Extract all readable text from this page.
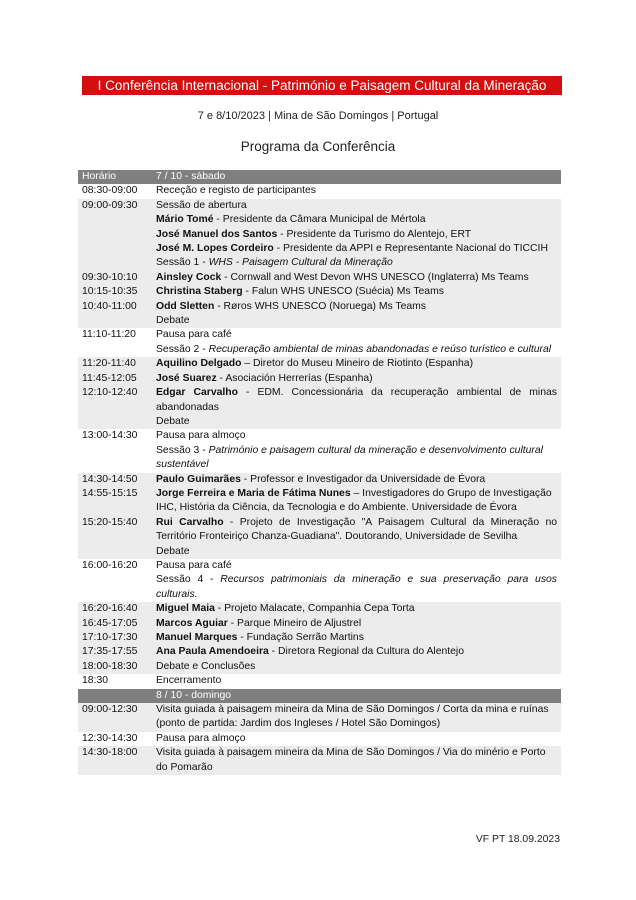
I Conferência Internacional - Património e Paisagem Cultural da Mineração
7 e 8/10/2023 | Mina de São Domingos | Portugal
Programa da Conferência
Horário	7 / 10 - sábado
08:30-09:00	Receção e registo de participantes
09:00-09:30	Sessão de abertura
Mário Tomé - Presidente da Câmara Municipal de Mértola
José Manuel dos Santos - Presidente da Turismo do Alentejo, ERT
José M. Lopes Cordeiro - Presidente da APPI e Representante Nacional do TICCIH
Sessão 1 - WHS - Paisagem Cultural da Mineração
09:30-10:10	Ainsley Cock - Cornwall and West Devon WHS UNESCO (Inglaterra) Ms Teams
10:15-10:35	Christina Staberg - Falun WHS UNESCO (Suécia) Ms Teams
10:40-11:00	Odd Sletten - Røros WHS UNESCO (Noruega) Ms Teams
Debate
11:10-11:20	Pausa para café
Sessão 2 - Recuperação ambiental de minas abandonadas e reúso turístico e cultural
11:20-11:40	Aquilino Delgado – Diretor do Museu Mineiro de Riotinto (Espanha)
11:45-12:05	José Suarez - Asociación Herrerías (Espanha)
12:10-12:40	Edgar Carvalho - EDM. Concessionária da recuperação ambiental de minas abandonadas
Debate
13:00-14:30	Pausa para almoço
Sessão 3 - Património e paisagem cultural da mineração e desenvolvimento cultural sustentável
14:30-14:50	Paulo Guimarães - Professor e Investigador da Universidade de Évora
14:55-15:15	Jorge Ferreira e Maria de Fátima Nunes – Investigadores do Grupo de Investigação IHC, História da Ciência, da Tecnologia e do Ambiente. Universidade de Évora
15:20-15:40	Rui Carvalho - Projeto de Investigação "A Paisagem Cultural da Mineração no Território Fronteiriço Chanza-Guadiana". Doutorando, Universidade de Sevilha
Debate
16:00-16:20	Pausa para café
Sessão 4 - Recursos patrimoniais da mineração e sua preservação para usos culturais.
16:20-16:40	Miguel Maia - Projeto Malacate, Companhia Cepa Torta
16:45-17:05	Marcos Aguiar - Parque Mineiro de Aljustrel
17:10-17:30	Manuel Marques - Fundação Serrão Martins
17:35-17:55	Ana Paula Amendoeira - Diretora Regional da Cultura do Alentejo
18:00-18:30	Debate e Conclusões
18:30	Encerramento
8 / 10 - domingo
09:00-12:30	Visita guiada à paisagem mineira da Mina de São Domingos / Corta da mina e ruínas (ponto de partida: Jardim dos Ingleses / Hotel São Domingos)
12:30-14:30	Pausa para almoço
14:30-18:00	Visita guiada à paisagem mineira da Mina de São Domingos / Via do minério e Porto do Pomarão
VF PT 18.09.2023
